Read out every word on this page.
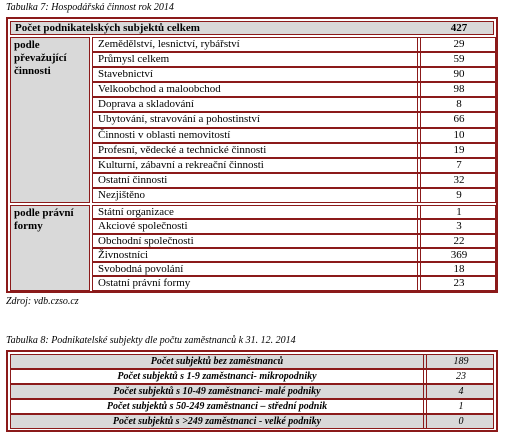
Tabulka 7: Hospodářská činnost rok 2014
Počet podnikatelských subjektů celkem	427
podle převažující činnosti
Zemědělství, lesnictví, rybářství	29
Průmysl celkem	59
Stavebnictví	90
Velkoobchod a maloobchod	98
Doprava a skladování	8
Ubytování, stravování a pohostinství	66
Činnosti v oblasti nemovitostí	10
Profesní, vědecké a technické činnosti	19
Kulturní, zábavní a rekreační činnosti	7
Ostatní činnosti	32
Nezjištěno	9
podle právní formy
Státní organizace	1
Akciové společnosti	3
Obchodní společnosti	22
Živnostníci	369
Svobodná povolání	18
Ostatní právní formy	23
Zdroj: vdb.czso.cz
Tabulka 8: Podnikatelské subjekty dle počtu zaměstnanců k 31. 12. 2014
Počet subjektů bez zaměstnanců	189
Počet subjektů s 1-9 zaměstnanci- mikropodniky	23
Počet subjektů s 10-49 zaměstnanci- malé podniky	4
Počet subjektů s 50-249 zaměstnanci – střední podnik	1
Počet subjektů s >249 zaměstnanci - velké podniky	0
